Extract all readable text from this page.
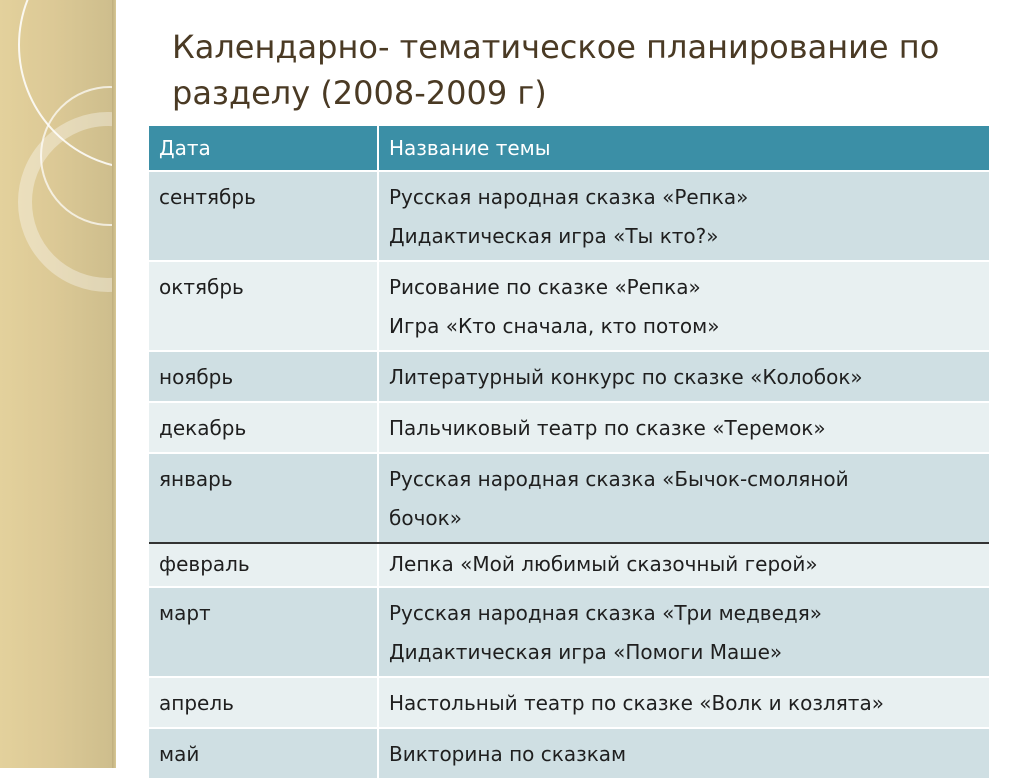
Календарно- тематическое планирование по разделу (2008-2009 г)
Дата	Название темы
сентябрь	Русская народная сказка «Репка»
Дидактическая игра «Ты кто?»

октябрь	Рисование по сказке «Репка»
Игра «Кто сначала, кто потом»

ноябрь	Литературный конкурс по сказке «Колобок»

декабрь	Пальчиковый театр по сказке «Теремок»

январь	Русская народная сказка «Бычок-смоляной
бочок»

февраль	Лепка «Мой любимый сказочный герой»

март	Русская народная сказка «Три медведя»
Дидактическая игра «Помоги Маше»

апрель	Настольный театр по сказке «Волк и козлята»

май	Викторина по сказкам
